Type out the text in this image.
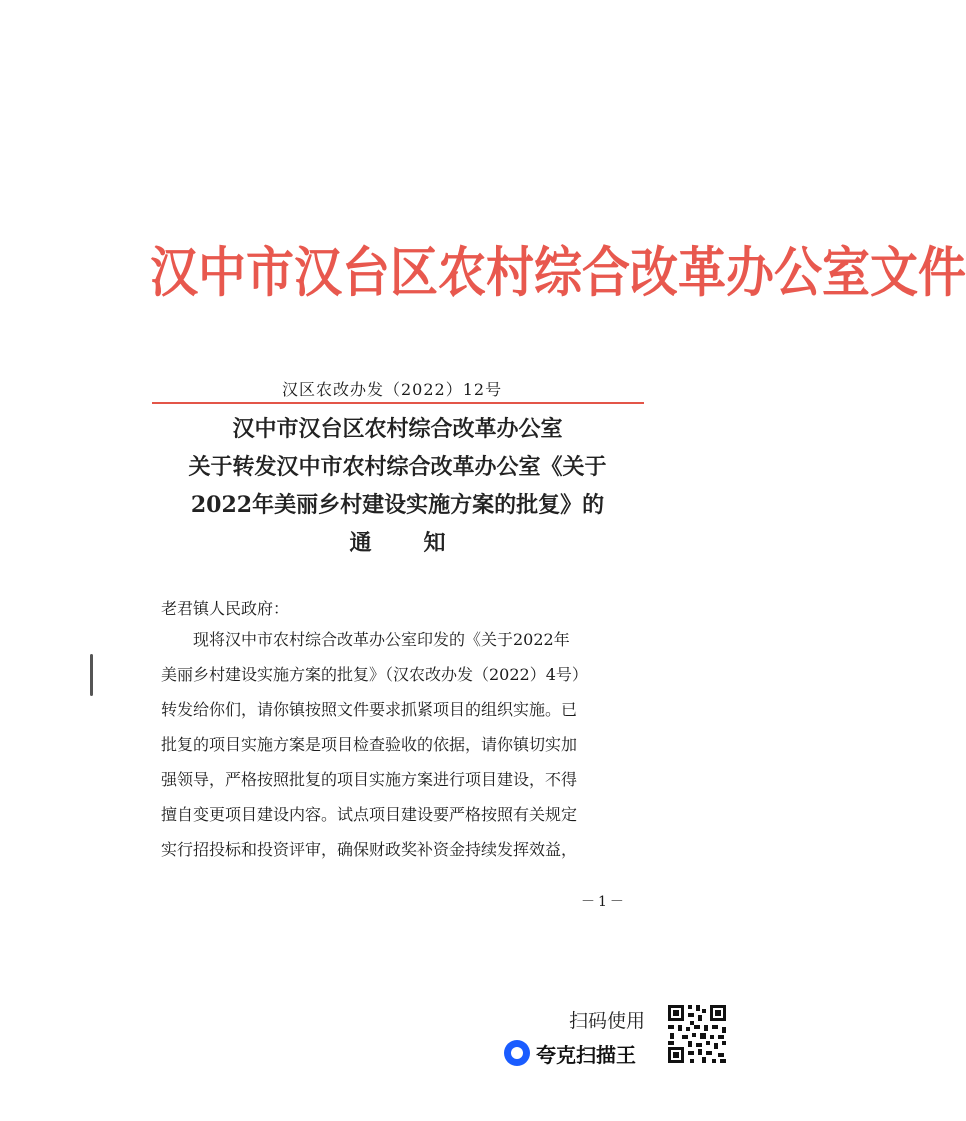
汉中市汉台区农村综合改革办公室文件
汉区农改办发（2022）12号
汉中市汉台区农村综合改革办公室
关于转发汉中市农村综合改革办公室《关于
2022年美丽乡村建设实施方案的批复》的
通知
老君镇人民政府：
现将汉中市农村综合改革办公室印发的《关于2022年
美丽乡村建设实施方案的批复》（汉农改办发（2022）4号）
转发给你们，请你镇按照文件要求抓紧项目的组织实施。已
批复的项目实施方案是项目检查验收的依据，请你镇切实加
强领导，严格按照批复的项目实施方案进行项目建设，不得
擅自变更项目建设内容。试点项目建设要严格按照有关规定
实行招投标和投资评审，确保财政奖补资金持续发挥效益，
－1－
扫码使用
夸克扫描王
